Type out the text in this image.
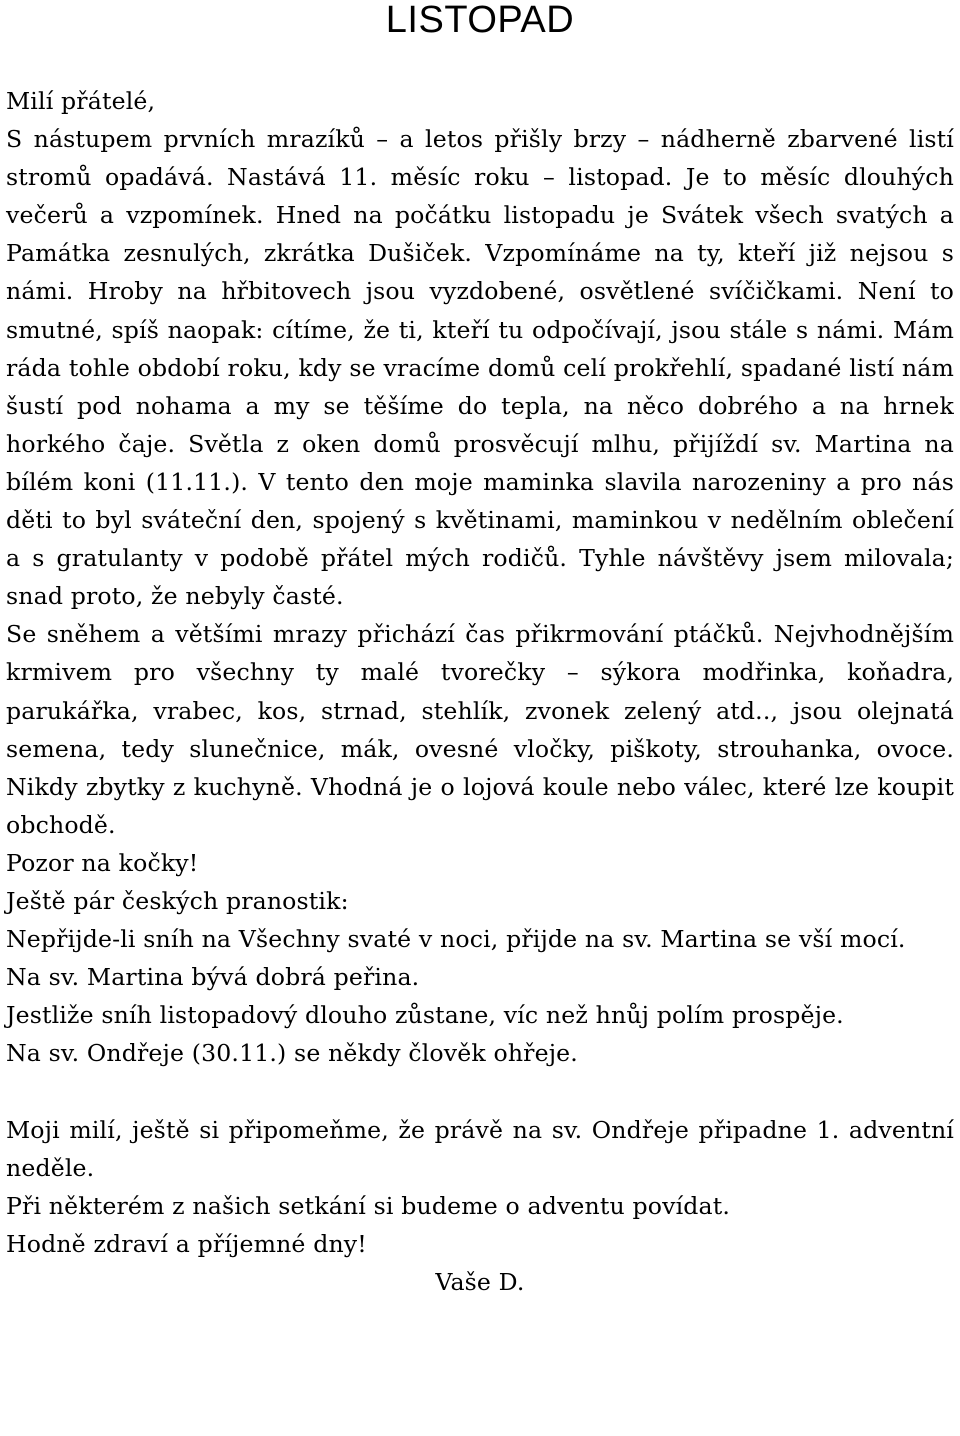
LISTOPAD

Milí přátelé,

S nástupem prvních mrazíků – a letos přišly brzy – nádherně zbarvené listí stromů opadává. Nastává 11. měsíc roku – listopad. Je to měsíc dlouhých večerů a vzpomínek. Hned na počátku listopadu je Svátek všech svatých a Památka zesnulých, zkrátka Dušiček. Vzpomínáme na ty, kteří již nejsou s námi. Hroby na hřbitovech jsou vyzdobené, osvětlené svíčičkami. Není to smutné, spíš naopak: cítíme, že ti, kteří tu odpočívají, jsou stále s námi. Mám ráda tohle období roku, kdy se vracíme domů celí prokřehlí, spadané listí nám šustí pod nohama a my se těšíme do tepla, na něco dobrého a na hrnek horkého čaje. Světla z oken domů prosvěcují mlhu, přijíždí sv. Martina na bílém koni (11.11.). V tento den moje maminka slavila narozeniny a pro nás děti to byl sváteční den, spojený s květinami, maminkou v nedělním oblečení a s gratulanty v podobě přátel mých rodičů. Tyhle návštěvy jsem milovala; snad proto, že nebyly časté.

Se sněhem a většími mrazy přichází čas přikrmování ptáčků. Nejvhodnějším krmivem pro všechny ty malé tvorečky – sýkora modřinka, koňadra, parukářka, vrabec, kos, strnad, stehlík, zvonek zelený atd.., jsou olejnatá semena, tedy slunečnice, mák, ovesné vločky, piškoty, strouhanka, ovoce. Nikdy zbytky z kuchyně. Vhodná je o lojová koule nebo válec, které lze koupit obchodě.

Pozor na kočky!

Ještě pár českých pranostik:

Nepřijde-li sníh na Všechny svaté v noci, přijde na sv. Martina se vší mocí.

Na sv. Martina bývá dobrá peřina.

Jestliže sníh listopadový dlouho zůstane, víc než hnůj polím prospěje.

Na sv. Ondřeje (30.11.) se někdy člověk ohřeje.

Moji milí, ještě si připomeňme, že právě na sv. Ondřeje připadne 1. adventní neděle.

Při některém z našich setkání si budeme o adventu povídat.

Hodně zdraví a příjemné dny!

Vaše D.
